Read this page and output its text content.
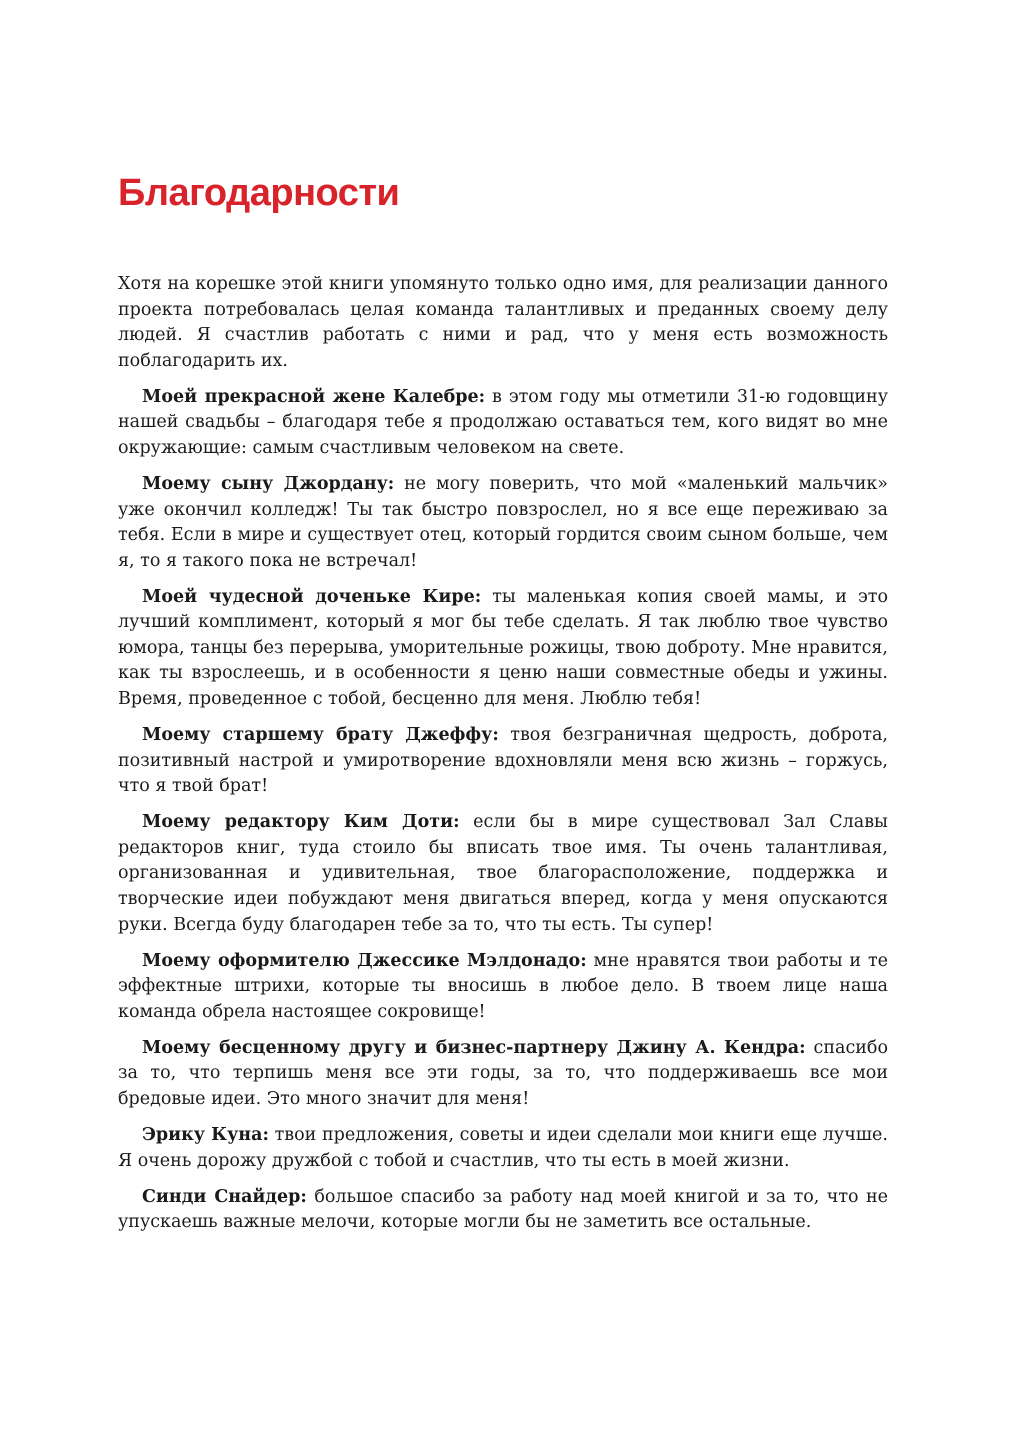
Благодарности

Хотя на корешке этой книги упомянуто только одно имя, для реализации данного проекта потребовалась целая команда талантливых и преданных своему делу людей. Я счастлив работать с ними и рад, что у меня есть возможность поблагодарить их.

Моей прекрасной жене Калебре: в этом году мы отметили 31-ю годовщину нашей свадьбы – благодаря тебе я продолжаю оставаться тем, кого видят во мне окружающие: самым счастливым человеком на свете.

Моему сыну Джордану: не могу поверить, что мой «маленький мальчик» уже окончил колледж! Ты так быстро повзрослел, но я все еще переживаю за тебя. Если в мире и существует отец, который гордится своим сыном больше, чем я, то я такого пока не встречал!

Моей чудесной доченьке Кире: ты маленькая копия своей мамы, и это лучший комплимент, который я мог бы тебе сделать. Я так люблю твое чувство юмора, танцы без перерыва, уморительные рожицы, твою доброту. Мне нравится, как ты взрослеешь, и в особенности я ценю наши совместные обеды и ужины. Время, проведенное с тобой, бесценно для меня. Люблю тебя!

Моему старшему брату Джеффу: твоя безграничная щедрость, доброта, позитивный настрой и умиротворение вдохновляли меня всю жизнь – горжусь, что я твой брат!

Моему редактору Ким Доти: если бы в мире существовал Зал Славы редакторов книг, туда стоило бы вписать твое имя. Ты очень талантливая, организованная и удивительная, твое благорасположение, поддержка и творческие идеи побуждают меня двигаться вперед, когда у меня опускаются руки. Всегда буду благодарен тебе за то, что ты есть. Ты супер!

Моему оформителю Джессике Мэлдонадо: мне нравятся твои работы и те эффектные штрихи, которые ты вносишь в любое дело. В твоем лице наша команда обрела настоящее сокровище!

Моему бесценному другу и бизнес-партнеру Джину А. Кендра: спасибо за то, что терпишь меня все эти годы, за то, что поддерживаешь все мои бредовые идеи. Это много значит для меня!

Эрику Куна: твои предложения, советы и идеи сделали мои книги еще лучше. Я очень дорожу дружбой с тобой и счастлив, что ты есть в моей жизни.

Синди Снайдер: большое спасибо за работу над моей книгой и за то, что не упускаешь важные мелочи, которые могли бы не заметить все остальные.
